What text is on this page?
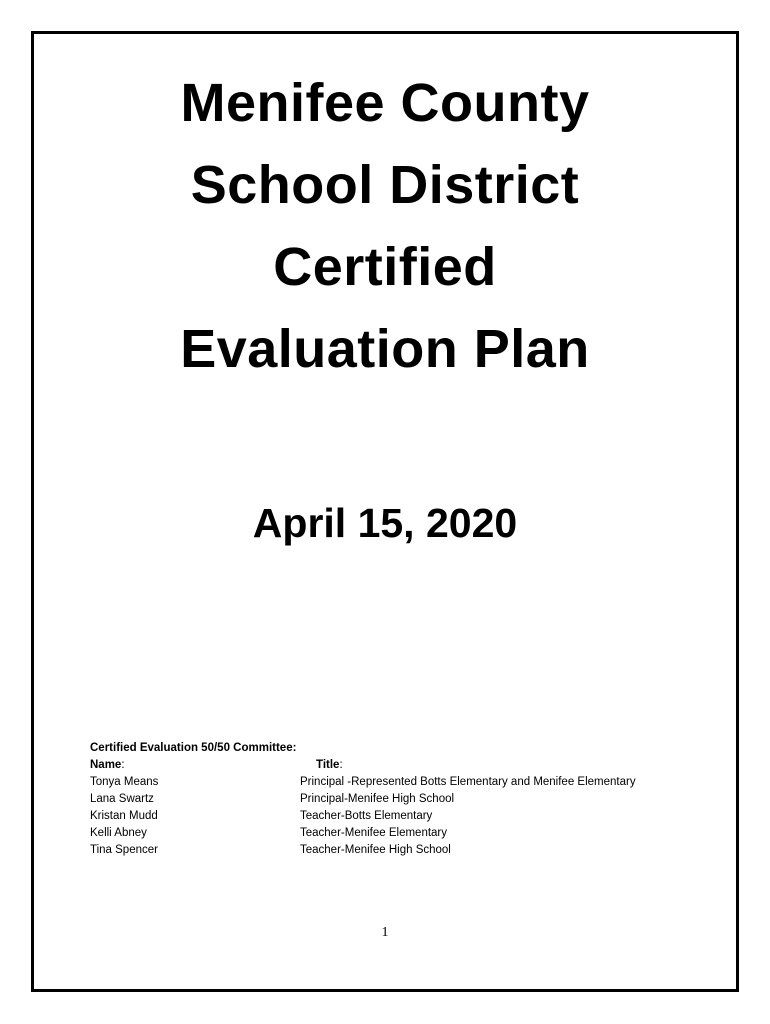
Menifee County
School District
Certified
Evaluation Plan
April 15, 2020
Certified Evaluation 50/50 Committee:
Name:	Title:
Tonya Means	Principal -Represented Botts Elementary and Menifee Elementary
Lana Swartz	Principal-Menifee High School
Kristan Mudd	Teacher-Botts Elementary
Kelli Abney	Teacher-Menifee Elementary
Tina Spencer	Teacher-Menifee High School
1
